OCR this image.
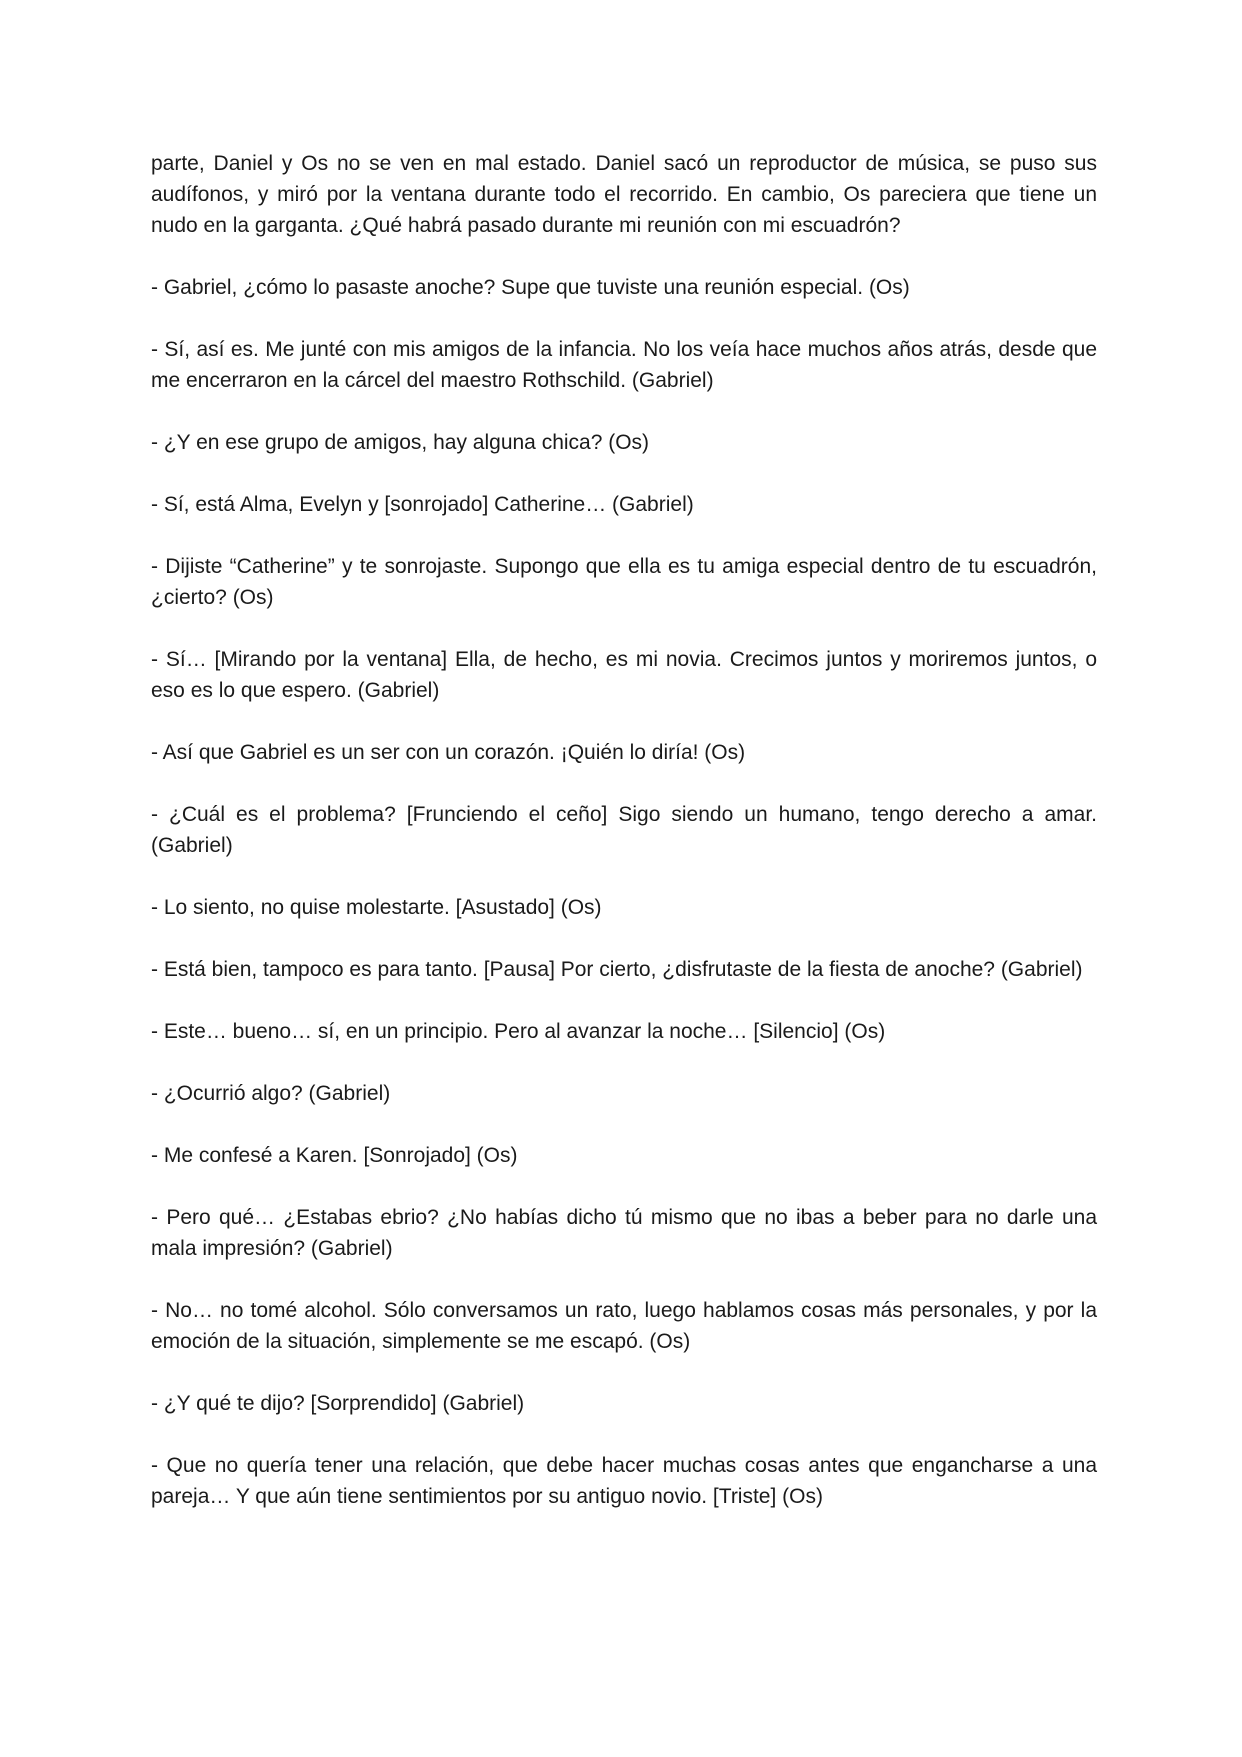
parte, Daniel y Os no se ven en mal estado. Daniel sacó un reproductor de música, se puso sus audífonos, y miró por la ventana durante todo el recorrido. En cambio, Os pareciera que tiene un nudo en la garganta. ¿Qué habrá pasado durante mi reunión con mi escuadrón?

- Gabriel, ¿cómo lo pasaste anoche? Supe que tuviste una reunión especial. (Os)

- Sí, así es. Me junté con mis amigos de la infancia. No los veía hace muchos años atrás, desde que me encerraron en la cárcel del maestro Rothschild. (Gabriel)

- ¿Y en ese grupo de amigos, hay alguna chica? (Os)

- Sí, está Alma, Evelyn y [sonrojado] Catherine… (Gabriel)

- Dijiste “Catherine” y te sonrojaste. Supongo que ella es tu amiga especial dentro de tu escuadrón, ¿cierto? (Os)

- Sí… [Mirando por la ventana] Ella, de hecho, es mi novia. Crecimos juntos y moriremos juntos, o eso es lo que espero. (Gabriel)

- Así que Gabriel es un ser con un corazón. ¡Quién lo diría! (Os)

- ¿Cuál es el problema? [Frunciendo el ceño] Sigo siendo un humano, tengo derecho a amar. (Gabriel)

- Lo siento, no quise molestarte. [Asustado] (Os)

- Está bien, tampoco es para tanto. [Pausa] Por cierto, ¿disfrutaste de la fiesta de anoche? (Gabriel)

- Este… bueno… sí, en un principio. Pero al avanzar la noche… [Silencio] (Os)

- ¿Ocurrió algo? (Gabriel)

- Me confesé a Karen. [Sonrojado] (Os)

- Pero qué… ¿Estabas ebrio? ¿No habías dicho tú mismo que no ibas a beber para no darle una mala impresión? (Gabriel)

- No… no tomé alcohol. Sólo conversamos un rato, luego hablamos cosas más personales, y por la emoción de la situación, simplemente se me escapó. (Os)

- ¿Y qué te dijo? [Sorprendido] (Gabriel)

- Que no quería tener una relación, que debe hacer muchas cosas antes que engancharse a una pareja… Y que aún tiene sentimientos por su antiguo novio. [Triste] (Os)
